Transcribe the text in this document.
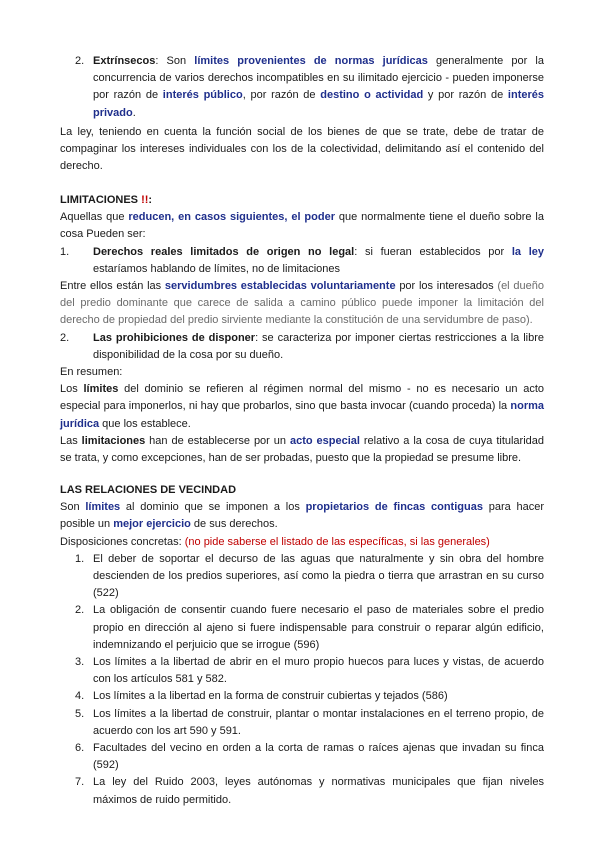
2. Extrínsecos: Son límites provenientes de normas jurídicas generalmente por la concurrencia de varios derechos incompatibles en su ilimitado ejercicio - pueden imponerse por razón de interés público, por razón de destino o actividad y por razón de interés privado.

La ley, teniendo en cuenta la función social de los bienes de que se trate, debe de tratar de compaginar los intereses individuales con los de la colectividad, delimitando así el contenido del derecho.

LIMITACIONES !!:

Aquellas que reducen, en casos siguientes, el poder que normalmente tiene el dueño sobre la cosa Pueden ser:

1. Derechos reales limitados de origen no legal: si fueran establecidos por la ley estaríamos hablando de límites, no de limitaciones

Entre ellos están las servidumbres establecidas voluntariamente por los interesados (el dueño del predio dominante que carece de salida a camino público puede imponer la limitación del derecho de propiedad del predio sirviente mediante la constitución de una servidumbre de paso).

2. Las prohibiciones de disponer: se caracteriza por imponer ciertas restricciones a la libre disponibilidad de la cosa por su dueño.

En resumen:

Los límites del dominio se refieren al régimen normal del mismo - no es necesario un acto especial para imponerlos, ni hay que probarlos, sino que basta invocar (cuando proceda) la norma jurídica que los establece.

Las limitaciones han de establecerse por un acto especial relativo a la cosa de cuya titularidad se trata, y como excepciones, han de ser probadas, puesto que la propiedad se presume libre.

LAS RELACIONES DE VECINDAD

Son límites al dominio que se imponen a los propietarios de fincas contiguas para hacer posible un mejor ejercicio de sus derechos.

Disposiciones concretas: (no pide saberse el listado de las específicas, si las generales)

1. El deber de soportar el decurso de las aguas que naturalmente y sin obra del hombre descienden de los predios superiores, así como la piedra o tierra que arrastran en su curso (522)

2. La obligación de consentir cuando fuere necesario el paso de materiales sobre el predio propio en dirección al ajeno si fuere indispensable para construir o reparar algún edificio, indemnizando el perjuicio que se irrogue (596)

3. Los límites a la libertad de abrir en el muro propio huecos para luces y vistas, de acuerdo con los artículos 581 y 582.

4. Los límites a la libertad en la forma de construir cubiertas y tejados (586)

5. Los límites a la libertad de construir, plantar o montar instalaciones en el terreno propio, de acuerdo con los art 590 y 591.

6. Facultades del vecino en orden a la corta de ramas o raíces ajenas que invadan su finca (592)

7. La ley del Ruido 2003, leyes autónomas y normativas municipales que fijan niveles máximos de ruido permitido.
